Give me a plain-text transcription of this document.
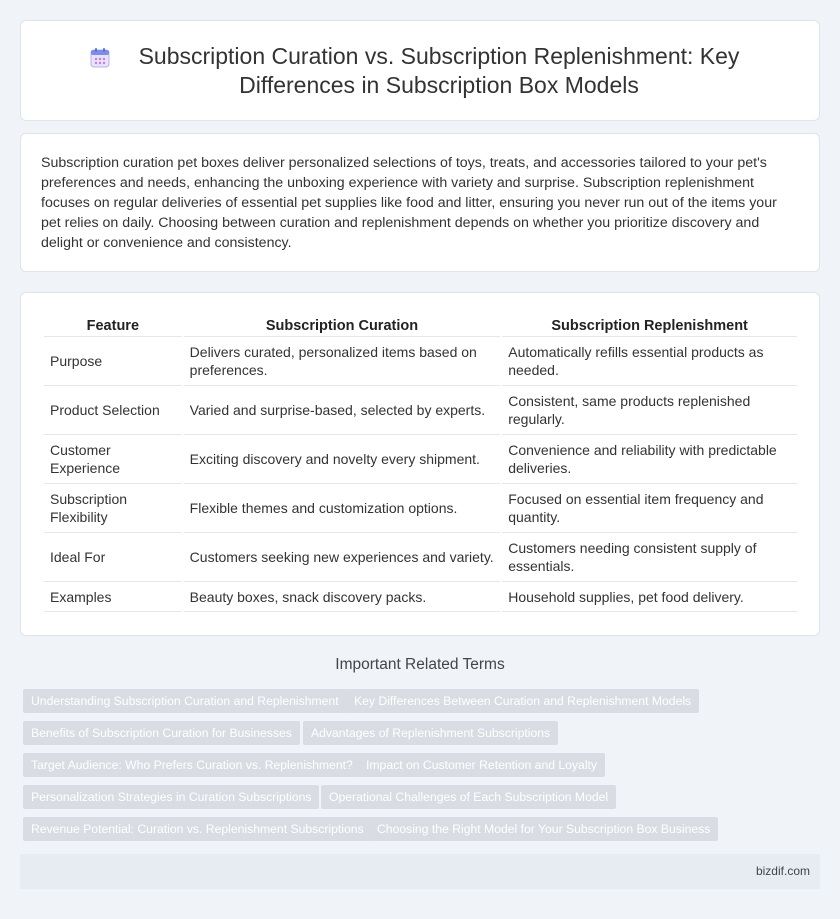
Subscription Curation vs. Subscription Replenishment: Key Differences in Subscription Box Models

Subscription curation pet boxes deliver personalized selections of toys, treats, and accessories tailored to your pet's preferences and needs, enhancing the unboxing experience with variety and surprise. Subscription replenishment focuses on regular deliveries of essential pet supplies like food and litter, ensuring you never run out of the items your pet relies on daily. Choosing between curation and replenishment depends on whether you prioritize discovery and delight or convenience and consistency.

Feature	Subscription Curation	Subscription Replenishment
Purpose	Delivers curated, personalized items based on preferences.	Automatically refills essential products as needed.
Product Selection	Varied and surprise-based, selected by experts.	Consistent, same products replenished regularly.
Customer Experience	Exciting discovery and novelty every shipment.	Convenience and reliability with predictable deliveries.
Subscription Flexibility	Flexible themes and customization options.	Focused on essential item frequency and quantity.
Ideal For	Customers seeking new experiences and variety.	Customers needing consistent supply of essentials.
Examples	Beauty boxes, snack discovery packs.	Household supplies, pet food delivery.
Important Related Terms
Understanding Subscription Curation and Replenishment	Key Differences Between Curation and Replenishment Models
Benefits of Subscription Curation for Businesses	Advantages of Replenishment Subscriptions
Target Audience: Who Prefers Curation vs. Replenishment?	Impact on Customer Retention and Loyalty
Personalization Strategies in Curation Subscriptions	Operational Challenges of Each Subscription Model
Revenue Potential: Curation vs. Replenishment Subscriptions	Choosing the Right Model for Your Subscription Box Business
bizdif.com
